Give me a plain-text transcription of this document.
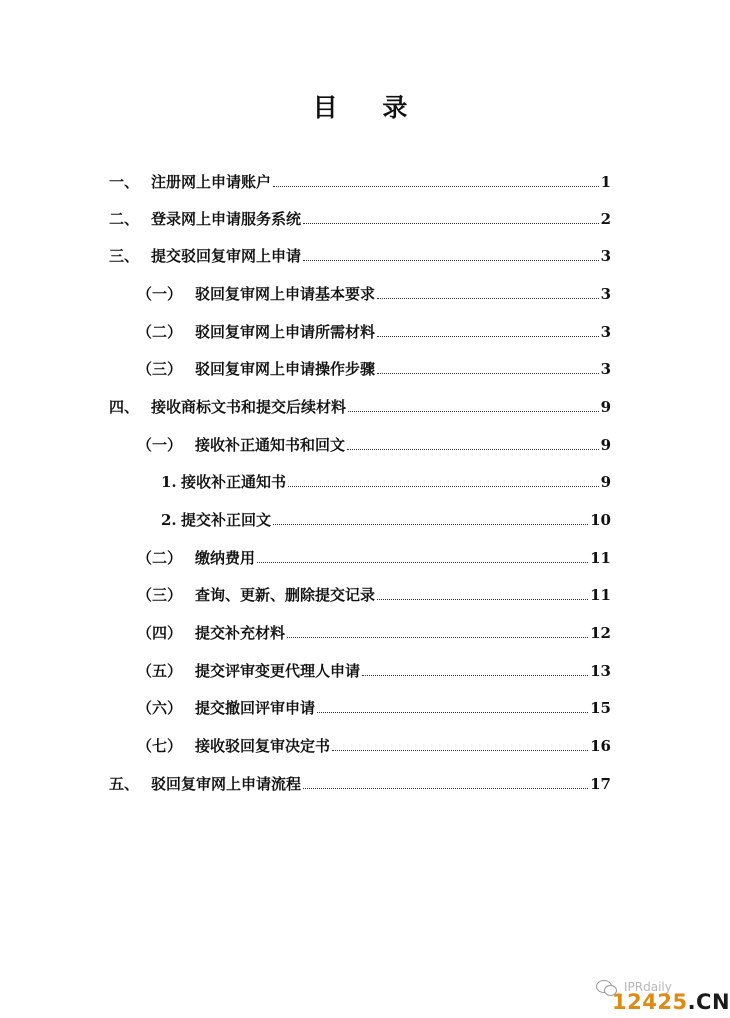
目 录
一、 注册网上申请账户	1
二、 登录网上申请服务系统	2
三、 提交驳回复审网上申请	3
（一） 驳回复审网上申请基本要求	3
（二） 驳回复审网上申请所需材料	3
（三） 驳回复审网上申请操作步骤	3
四、 接收商标文书和提交后续材料	9
（一） 接收补正通知书和回文	9
1. 接收补正通知书	9
2. 提交补正回文	10
（二） 缴纳费用	11
（三） 查询、更新、删除提交记录	11
（四） 提交补充材料	12
（五） 提交评审变更代理人申请	13
（六） 提交撤回评审申请	15
（七） 接收驳回复审决定书	16
五、 驳回复审网上申请流程	17
IPRdaily
12425.CN
